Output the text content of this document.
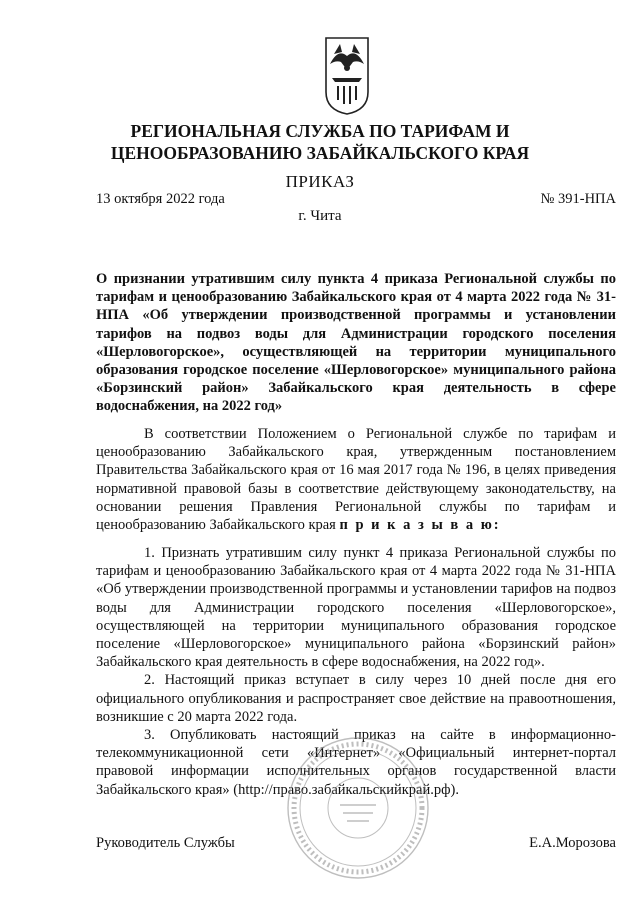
РЕГИОНАЛЬНАЯ СЛУЖБА ПО ТАРИФАМ И
ЦЕНООБРАЗОВАНИЮ ЗАБАЙКАЛЬСКОГО КРАЯ
ПРИКАЗ
13 октября 2022 года	№ 391-НПА
г. Чита
О признании утратившим силу пункта 4 приказа Региональной службы по тарифам и ценообразованию Забайкальского края от 4 марта 2022 года № 31-НПА «Об утверждении производственной программы и установлении тарифов на подвоз воды для Администрации городского поселения «Шерловогорское», осуществляющей на территории муниципального образования городское поселение «Шерловогорское» муниципального района «Борзинский район» Забайкальского края деятельность в сфере водоснабжения, на 2022 год»

В соответствии Положением о Региональной службе по тарифам и ценообразованию Забайкальского края, утвержденным постановлением Правительства Забайкальского края от 16 мая 2017 года № 196, в целях приведения нормативной правовой базы в соответствие действующему законодательству, на основании решения Правления Региональной службы по тарифам и ценообразованию Забайкальского края п р и к а з ы в а ю:

1. Признать утратившим силу пункт 4 приказа Региональной службы по тарифам и ценообразованию Забайкальского края от 4 марта 2022 года № 31-НПА «Об утверждении производственной программы и установлении тарифов на подвоз воды для Администрации городского поселения «Шерловогорское», осуществляющей на территории муниципального образования городское поселение «Шерловогорское» муниципального района «Борзинский район» Забайкальского края деятельность в сфере водоснабжения, на 2022 год».

2. Настоящий приказ вступает в силу через 10 дней после дня его официального опубликования и распространяет свое действие на правоотношения, возникшие с 20 марта 2022 года.

3. Опубликовать настоящий приказ на сайте в информационно-телекоммуникационной сети «Интернет» «Официальный интернет-портал правовой информации исполнительных органов государственной власти Забайкальского края» (http://право.забайкальскийкрай.рф).

Руководитель Службы	Е.А.Морозова
